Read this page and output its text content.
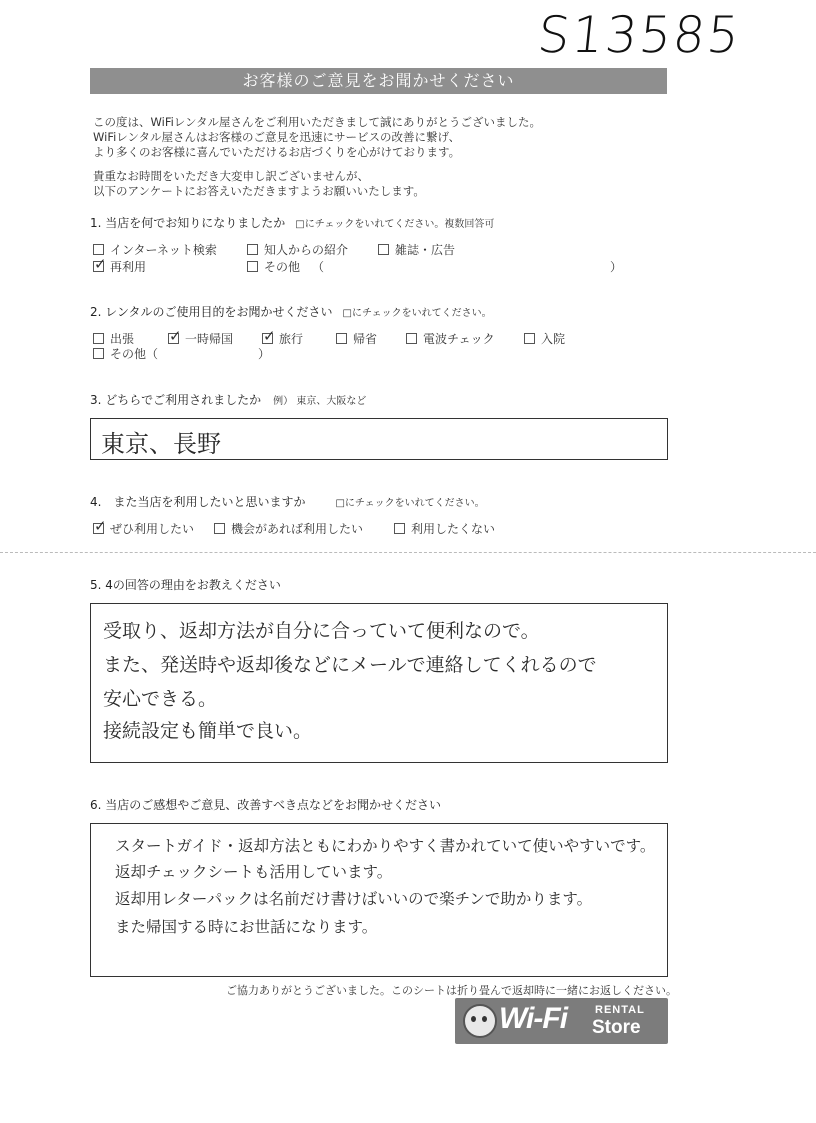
S13585
お客様のご意見をお聞かせください
この度は、WiFiレンタル屋さんをご利用いただきまして誠にありがとうございました。
WiFiレンタル屋さんはお客様のご意見を迅速にサービスの改善に繋げ、
より多くのお客様に喜んでいただけるお店づくりを心がけております。
貴重なお時間をいただき大変申し訳ございませんが、
以下のアンケートにお答えいただきますようお願いいたします。
1. 当店を何でお知りになりましたか □にチェックをいれてください。複数回答可
インターネット検索	知人からの紹介	雑誌・広告
✓ 再利用	その他 （	）
2. レンタルのご使用目的をお聞かせください □にチェックをいれてください。
出張 ✓ 一時帰国 ✓ 旅行	帰省	電波チェック	入院
その他（	）
3. どちらでご利用されましたか 例） 東京、大阪など
東京、長野
4.　また当店を利用したいと思いますか	□にチェックをいれてください。
✓ ぜひ利用したい	機会があれば利用したい	利用したくない
5. 4の回答の理由をお教えください
受取り、返却方法が自分に合っていて便利なので。
また、発送時や返却後などにメールで連絡してくれるので
安心できる。
接続設定も簡単で良い。
6. 当店のご感想やご意見、改善すべき点などをお聞かせください
スタートガイド・返却方法ともにわかりやすく書かれていて使いやすいです。
返却チェックシートも活用しています。
返却用レターパックは名前だけ書けばいいので楽チンで助かります。
また帰国する時にお世話になります。
ご協力ありがとうございました。このシートは折り畳んで返却時に一緒にお返しください。
Wi-Fi	RENTAL
Store
